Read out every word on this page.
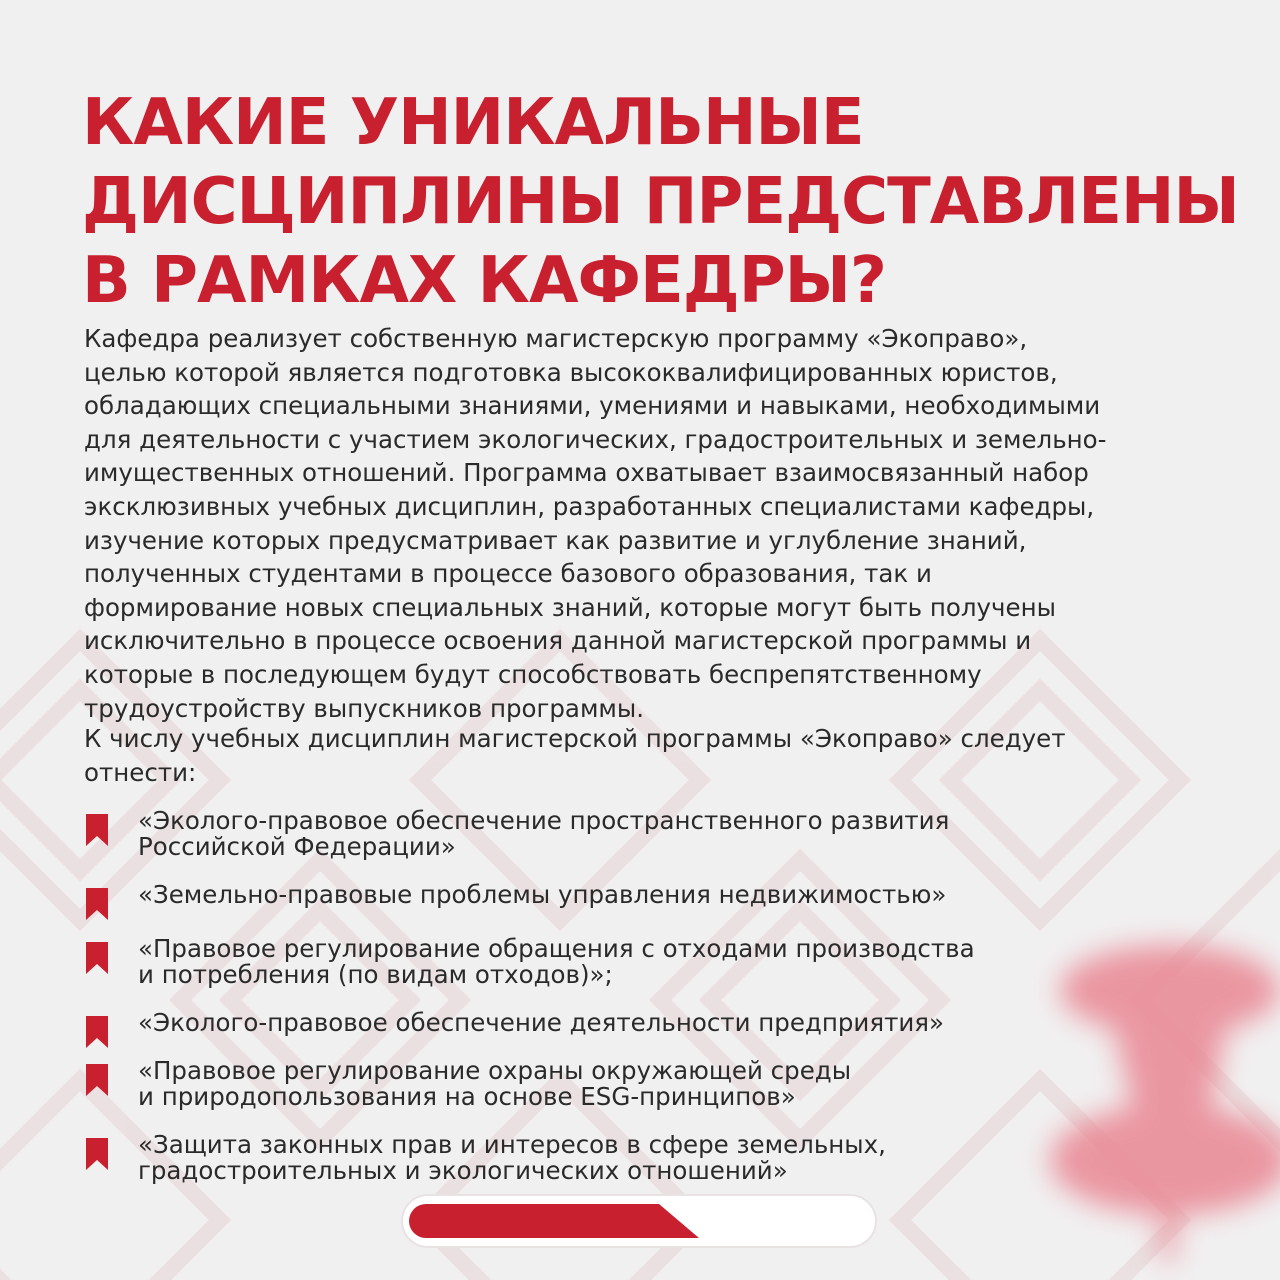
КАКИЕ УНИКАЛЬНЫЕ
ДИСЦИПЛИНЫ ПРЕДСТАВЛЕНЫ
В РАМКАХ КАФЕДРЫ?

Кафедра реализует собственную магистерскую программу «Экоправо»,
целью которой является подготовка высококвалифицированных юристов,
обладающих специальными знаниями, умениями и навыками, необходимыми
для деятельности с участием экологических, градостроительных и земельно-
имущественных отношений. Программа охватывает взаимосвязанный набор
эксклюзивных учебных дисциплин, разработанных специалистами кафедры,
изучение которых предусматривает как развитие и углубление знаний,
полученных студентами в процессе базового образования, так и
формирование новых специальных знаний, которые могут быть получены
исключительно в процессе освоения данной магистерской программы и
которые в последующем будут способствовать беспрепятственному
трудоустройству выпускников программы.

К числу учебных дисциплин магистерской программы «Экоправо» следует
отнести:

«Эколого-правовое обеспечение пространственного развития
Российской Федерации»
«Земельно-правовые проблемы управления недвижимостью»
«Правовое регулирование обращения с отходами производства
и потребления (по видам отходов)»;
«Эколого-правовое обеспечение деятельности предприятия»
«Правовое регулирование охраны окружающей среды
и природопользования на основе ESG-принципов»
«Защита законных прав и интересов в сфере земельных,
градостроительных и экологических отношений»
